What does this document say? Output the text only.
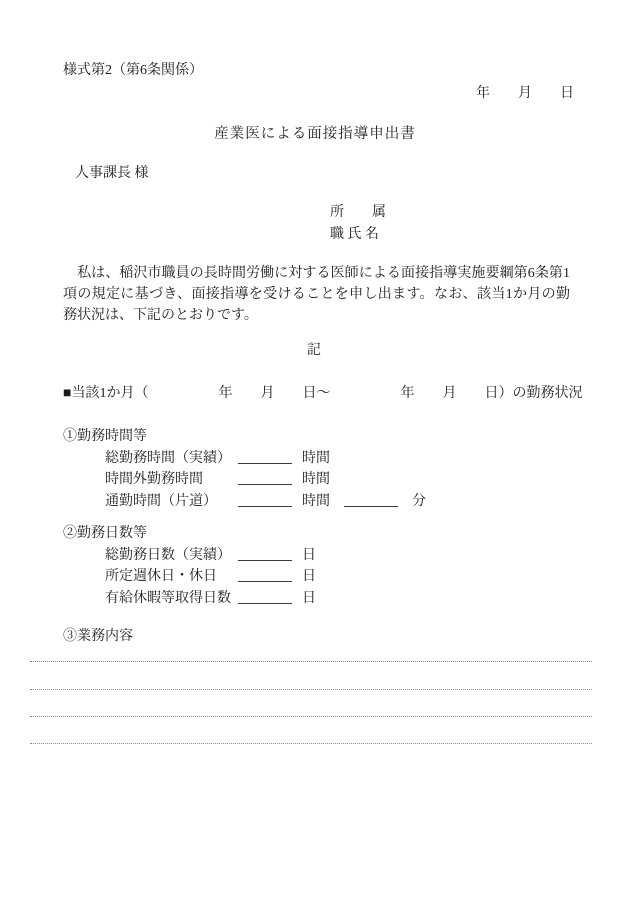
様式第2（第6条関係）
年　　月　　日
産業医による面接指導申出書
人事課長 様
所　　属
職 氏 名
　私は、稲沢市職員の長時間労働に対する医師による面接指導実施要綱第6条第1項の規定に基づき、面接指導を受けることを申し出ます。なお、該当1か月の勤務状況は、下記のとおりです。
記
■当該1か月（　　　　　年　　月　　日～　　　　　年　　月　　日）の勤務状況
①勤務時間等
総勤務時間（実績）	時間
時間外勤務時間	時間
通勤時間（片道）	時間	分
②勤務日数等
総勤務日数（実績）	日
所定週休日・休日	日
有給休暇等取得日数	日
③業務内容
